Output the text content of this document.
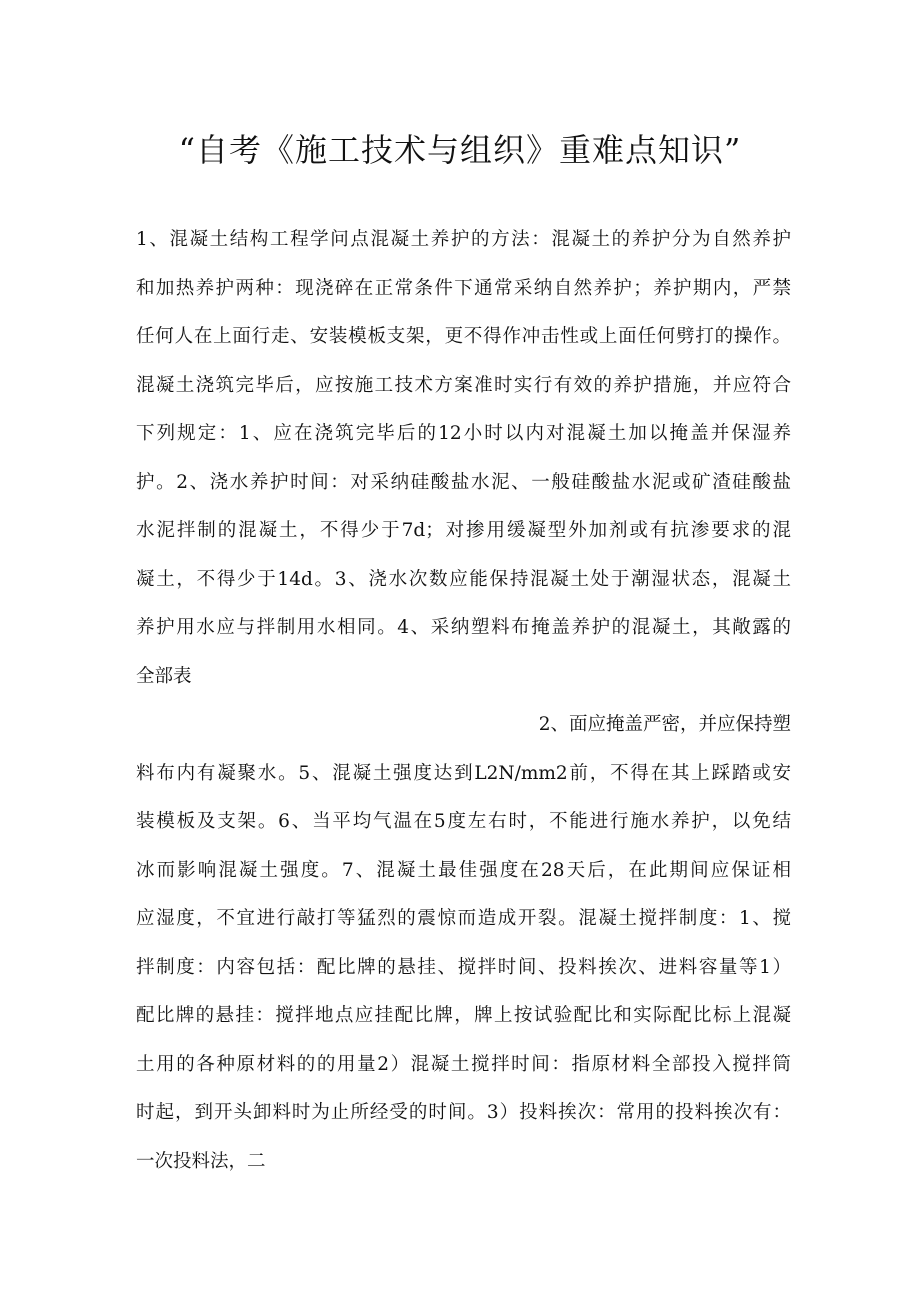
“自考《施工技术与组织》重难点知识”
1、混凝土结构工程学问点混凝土养护的方法：混凝土的养护分为自然养护
和加热养护两种：现浇碎在正常条件下通常采纳自然养护；养护期内，严禁
任何人在上面行走、安装模板支架，更不得作冲击性或上面任何劈打的操作。
混凝土浇筑完毕后，应按施工技术方案准时实行有效的养护措施，并应符合
下列规定：1、应在浇筑完毕后的12小时以内对混凝土加以掩盖并保湿养
护。2、浇水养护时间：对采纳硅酸盐水泥、一般硅酸盐水泥或矿渣硅酸盐
水泥拌制的混凝土，不得少于7d；对掺用缓凝型外加剂或有抗渗要求的混
凝土，不得少于14d。3、浇水次数应能保持混凝土处于潮湿状态，混凝土
养护用水应与拌制用水相同。4、采纳塑料布掩盖养护的混凝土，其敞露的
全部表
2、面应掩盖严密，并应保持塑
料布内有凝聚水。5、混凝土强度达到L2N/mm2前，不得在其上踩踏或安
装模板及支架。6、当平均气温在5度左右时，不能进行施水养护，以免结
冰而影响混凝土强度。7、混凝土最佳强度在28天后，在此期间应保证相
应湿度，不宜进行敲打等猛烈的震惊而造成开裂。混凝土搅拌制度：1、搅
拌制度：内容包括：配比牌的悬挂、搅拌时间、投料挨次、进料容量等1）
配比牌的悬挂：搅拌地点应挂配比牌，牌上按试验配比和实际配比标上混凝
土用的各种原材料的的用量2）混凝土搅拌时间：指原材料全部投入搅拌筒
时起，到开头卸料时为止所经受的时间。3）投料挨次：常用的投料挨次有：
一次投料法，二
